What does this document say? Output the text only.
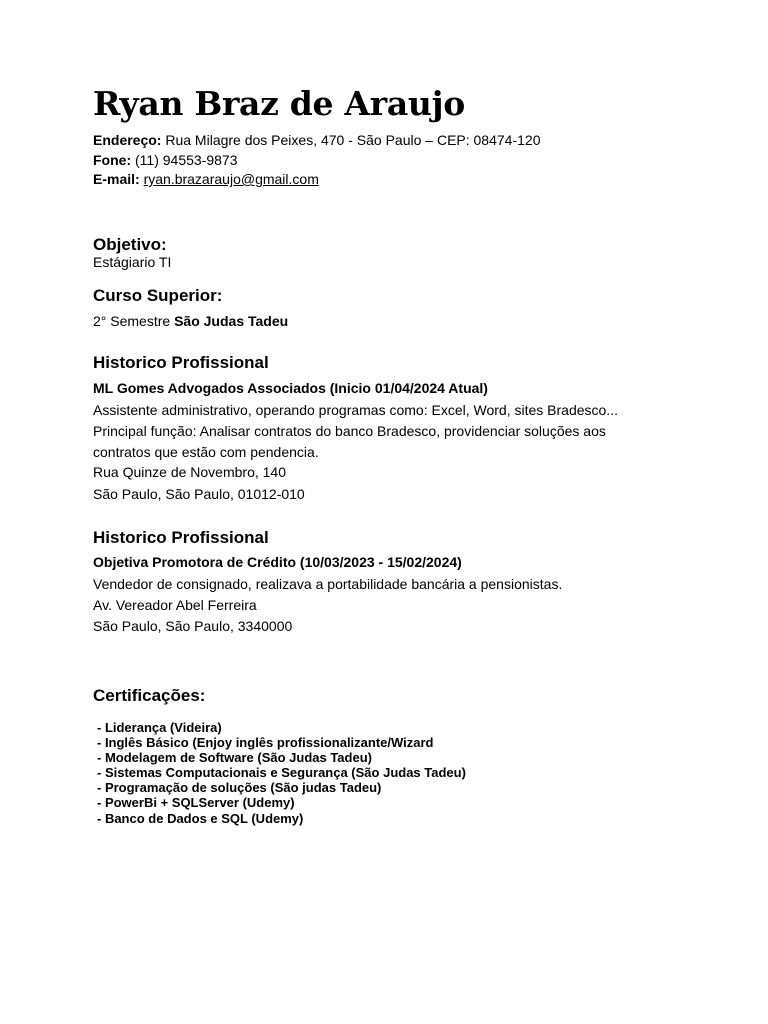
Ryan Braz de Araujo
Endereço: Rua Milagre dos Peixes, 470 - São Paulo – CEP: 08474-120
Fone: (11) 94553-9873
E-mail: ryan.brazaraujo@gmail.com
Objetivo:
Estágiario TI
Curso Superior:
2° Semestre São Judas Tadeu
Historico Profissional
ML Gomes Advogados Associados (Inicio 01/04/2024 Atual)
Assistente administrativo, operando programas como: Excel, Word, sites Bradesco...
Principal função: Analisar contratos do banco Bradesco, providenciar soluções aos
contratos que estão com pendencia.
Rua Quinze de Novembro, 140
São Paulo, São Paulo, 01012-010
Historico Profissional
Objetiva Promotora de Crédito (10/03/2023 - 15/02/2024)
Vendedor de consignado, realizava a portabilidade bancária a pensionistas.
Av. Vereador Abel Ferreira
São Paulo, São Paulo, 3340000
Certificações:
- Liderança (Videira)
- Inglês Básico (Enjoy inglês profissionalizante/Wizard
- Modelagem de Software (São Judas Tadeu)
- Sistemas Computacionais e Segurança (São Judas Tadeu)
- Programação de soluções (São judas Tadeu)
- PowerBi + SQLServer (Udemy)
- Banco de Dados e SQL (Udemy)
